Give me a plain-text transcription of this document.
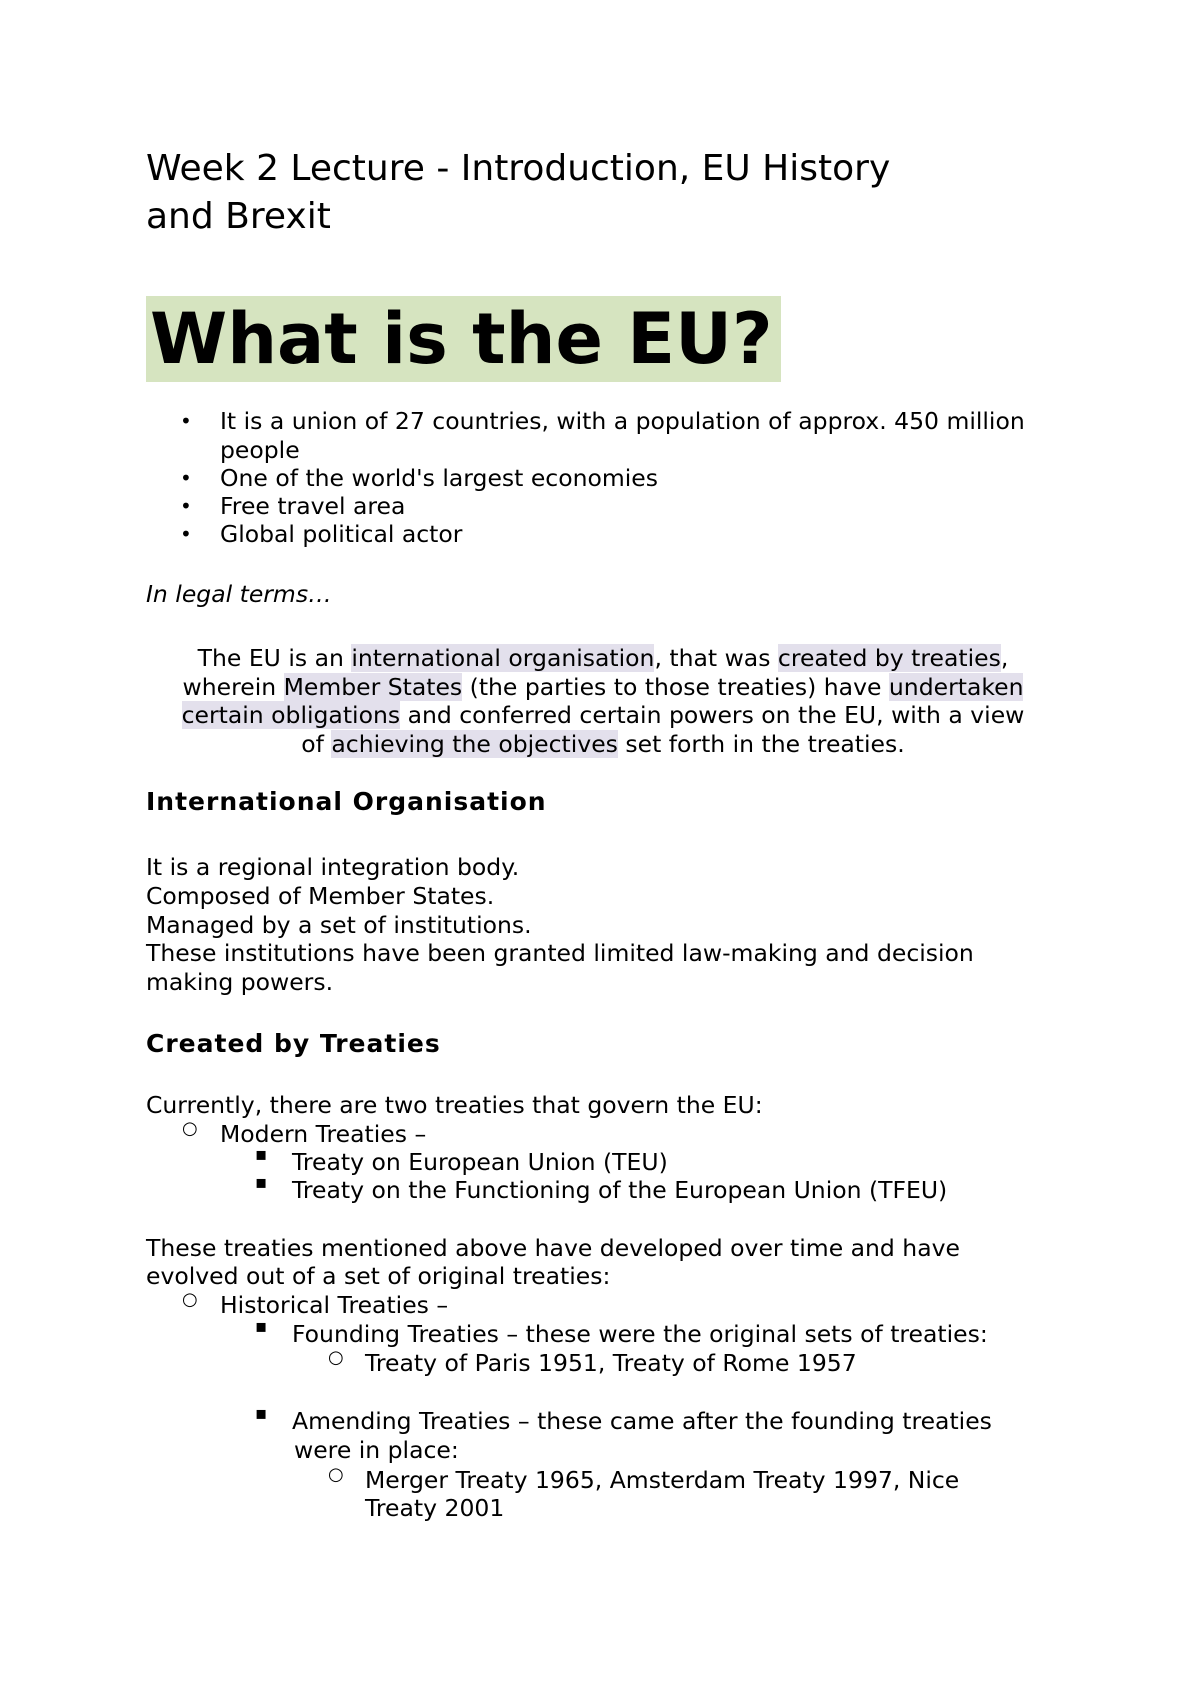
Week 2 Lecture - Introduction, EU History
and Brexit
What is the EU?
• It is a union of 27 countries, with a population of approx. 450 million
people
• One of the world's largest economies
• Free travel area
• Global political actor
In legal terms…
The EU is an international organisation, that was created by treaties,
wherein Member States (the parties to those treaties) have undertaken
certain obligations and conferred certain powers on the EU, with a view
of achieving the objectives set forth in the treaties.
International Organisation
It is a regional integration body.
Composed of Member States.
Managed by a set of institutions.
These institutions have been granted limited law-making and decision
making powers.
Created by Treaties
Currently, there are two treaties that govern the EU:
○ Modern Treaties –
▪ Treaty on European Union (TEU)
▪ Treaty on the Functioning of the European Union (TFEU)
These treaties mentioned above have developed over time and have
evolved out of a set of original treaties:
○ Historical Treaties –
▪ Founding Treaties – these were the original sets of treaties:
○ Treaty of Paris 1951, Treaty of Rome 1957
▪ Amending Treaties – these came after the founding treaties
were in place:
○ Merger Treaty 1965, Amsterdam Treaty 1997, Nice
Treaty 2001
